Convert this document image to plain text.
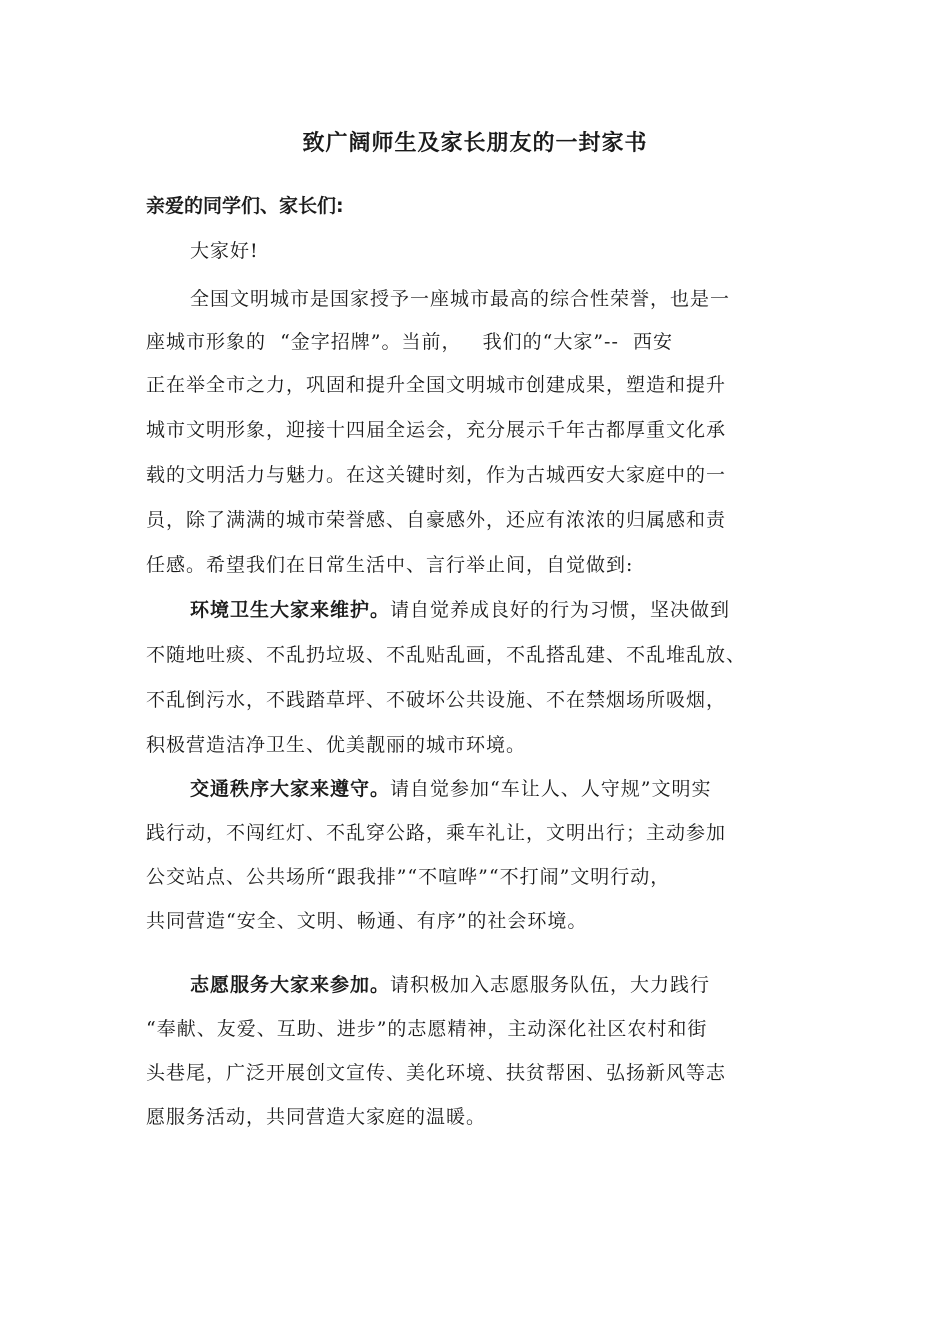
致广阔师生及家长朋友的一封家书
亲爱的同学们、家长们:
大家好!
全国文明城市是国家授予一座城市最高的综合性荣誉，也是一
座城市形象的  “金字招牌”。当前，   我们的“大家”--  西安
正在举全市之力，巩固和提升全国文明城市创建成果，塑造和提升
城市文明形象，迎接十四届全运会，充分展示千年古都厚重文化承
载的文明活力与魅力。在这关键时刻，作为古城西安大家庭中的一
员，除了满满的城市荣誉感、自豪感外，还应有浓浓的归属感和责
任感。希望我们在日常生活中、言行举止间，自觉做到:
环境卫生大家来维护。请自觉养成良好的行为习惯，坚决做到
不随地吐痰、不乱扔垃圾、不乱贴乱画，不乱搭乱建、不乱堆乱放、
不乱倒污水，不践踏草坪、不破坏公共设施、不在禁烟场所吸烟，
积极营造洁净卫生、优美靓丽的城市环境。
交通秩序大家来遵守。请自觉参加“车让人、人守规”文明实
践行动，不闯红灯、不乱穿公路，乘车礼让，文明出行；主动参加
公交站点、公共场所“跟我排”“不喧哗”“不打闹”文明行动，
共同营造“安全、文明、畅通、有序”的社会环境。
志愿服务大家来参加。请积极加入志愿服务队伍，大力践行
“奉献、友爱、互助、进步”的志愿精神，主动深化社区农村和街
头巷尾，广泛开展创文宣传、美化环境、扶贫帮困、弘扬新风等志
愿服务活动，共同营造大家庭的温暖。
